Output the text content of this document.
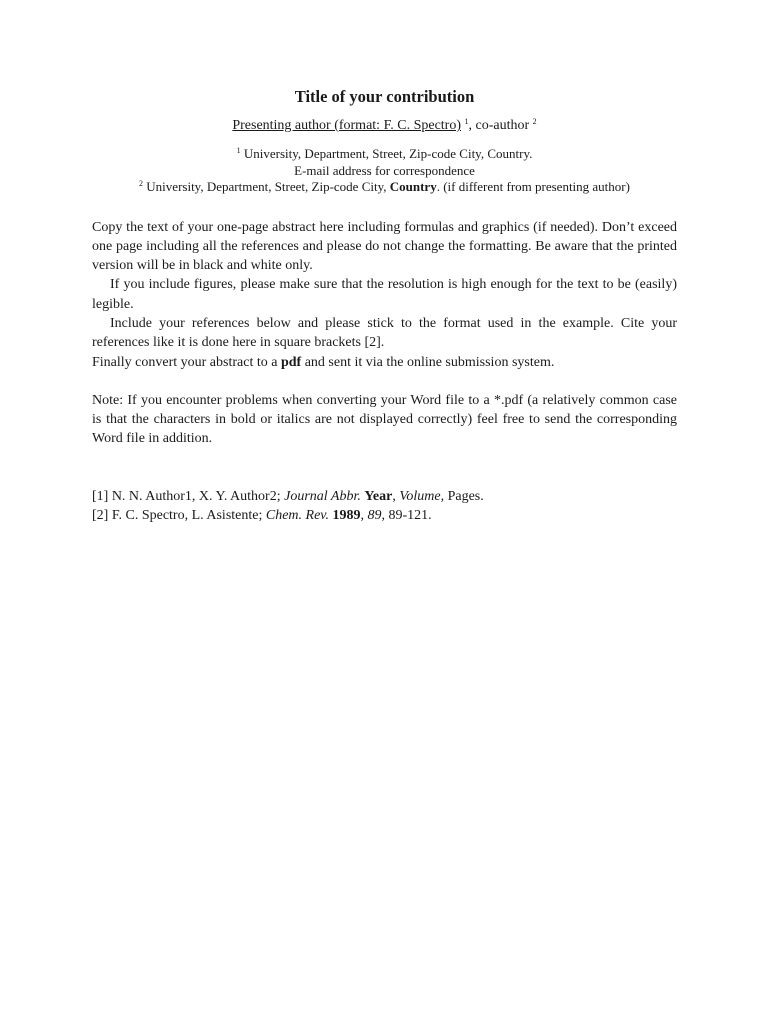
Title of your contribution
Presenting author (format: F. C. Spectro) $^1$, co-author $^2$
$^1$ University, Department, Street, Zip-code City, Country.
E-mail address for correspondence
$^2$ University, Department, Street, Zip-code City, Country. (if different from presenting author)

Copy the text of your one-page abstract here including formulas and graphics (if needed). Don’t exceed one page including all the references and please do not change the formatting. Be aware that the printed version will be in black and white only.

If you include figures, please make sure that the resolution is high enough for the text to be (easily) legible.

Include your references below and please stick to the format used in the example. Cite your references like it is done here in square brackets [2].

Finally convert your abstract to a pdf and sent it via the online submission system.

Note: If you encounter problems when converting your Word file to a *.pdf (a relatively common case is that the characters in bold or italics are not displayed correctly) feel free to send the corresponding Word file in addition.

[1] N. N. Author1, X. Y. Author2; Journal Abbr. Year, Volume, Pages.
[2] F. C. Spectro, L. Asistente; Chem. Rev. 1989, 89, 89-121.
